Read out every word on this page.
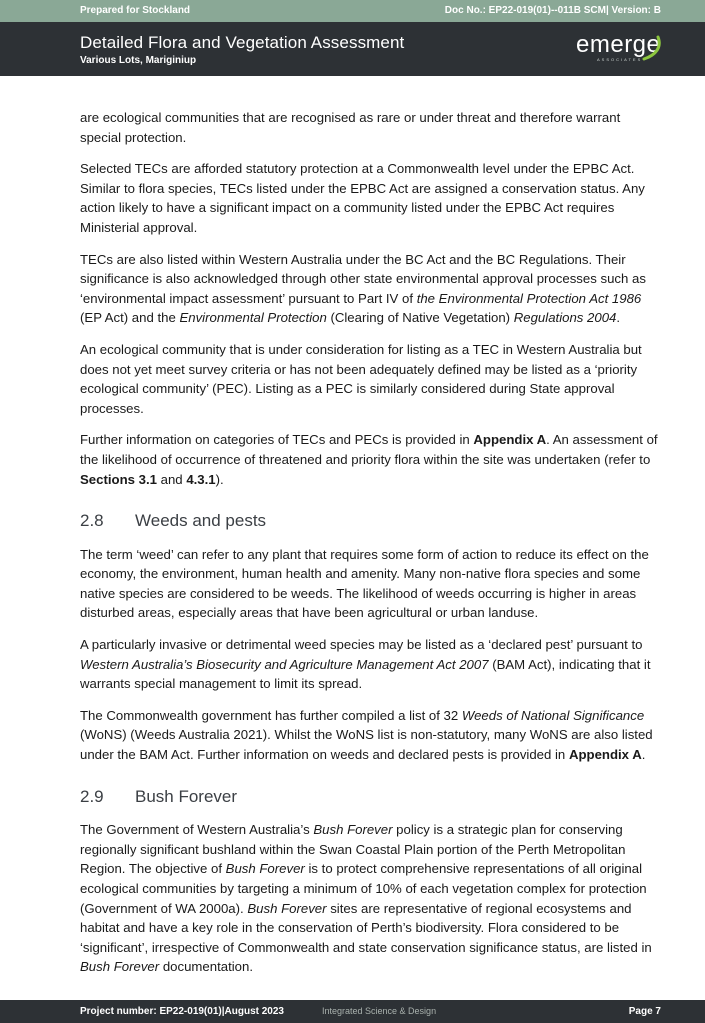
Prepared for Stockland	Doc No.: EP22-019(01)--011B SCM| Version: B
Detailed Flora and Vegetation Assessment
Various Lots, Mariginiup
emerge
ASSOCIATES

are ecological communities that are recognised as rare or under threat and therefore warrant special protection.

Selected TECs are afforded statutory protection at a Commonwealth level under the EPBC Act. Similar to flora species, TECs listed under the EPBC Act are assigned a conservation status. Any action likely to have a significant impact on a community listed under the EPBC Act requires Ministerial approval.

TECs are also listed within Western Australia under the BC Act and the BC Regulations. Their significance is also acknowledged through other state environmental approval processes such as ‘environmental impact assessment’ pursuant to Part IV of the Environmental Protection Act 1986 (EP Act) and the Environmental Protection (Clearing of Native Vegetation) Regulations 2004.

An ecological community that is under consideration for listing as a TEC in Western Australia but does not yet meet survey criteria or has not been adequately defined may be listed as a ‘priority ecological community’ (PEC). Listing as a PEC is similarly considered during State approval processes.

Further information on categories of TECs and PECs is provided in Appendix A. An assessment of the likelihood of occurrence of threatened and priority flora within the site was undertaken (refer to Sections 3.1 and 4.3.1).

2.8	Weeds and pests

The term ‘weed’ can refer to any plant that requires some form of action to reduce its effect on the economy, the environment, human health and amenity. Many non-native flora species and some native species are considered to be weeds. The likelihood of weeds occurring is higher in areas disturbed areas, especially areas that have been agricultural or urban landuse.

A particularly invasive or detrimental weed species may be listed as a ‘declared pest’ pursuant to Western Australia’s Biosecurity and Agriculture Management Act 2007 (BAM Act), indicating that it warrants special management to limit its spread.

The Commonwealth government has further compiled a list of 32 Weeds of National Significance (WoNS) (Weeds Australia 2021). Whilst the WoNS list is non-statutory, many WoNS are also listed under the BAM Act. Further information on weeds and declared pests is provided in Appendix A.

2.9	Bush Forever

The Government of Western Australia’s Bush Forever policy is a strategic plan for conserving regionally significant bushland within the Swan Coastal Plain portion of the Perth Metropolitan Region. The objective of Bush Forever is to protect comprehensive representations of all original ecological communities by targeting a minimum of 10% of each vegetation complex for protection (Government of WA 2000a). Bush Forever sites are representative of regional ecosystems and habitat and have a key role in the conservation of Perth’s biodiversity. Flora considered to be ‘significant’, irrespective of Commonwealth and state conservation significance status, are listed in Bush Forever documentation.

Project number: EP22-019(01)|August 2023	Integrated Science & Design	Page 7
